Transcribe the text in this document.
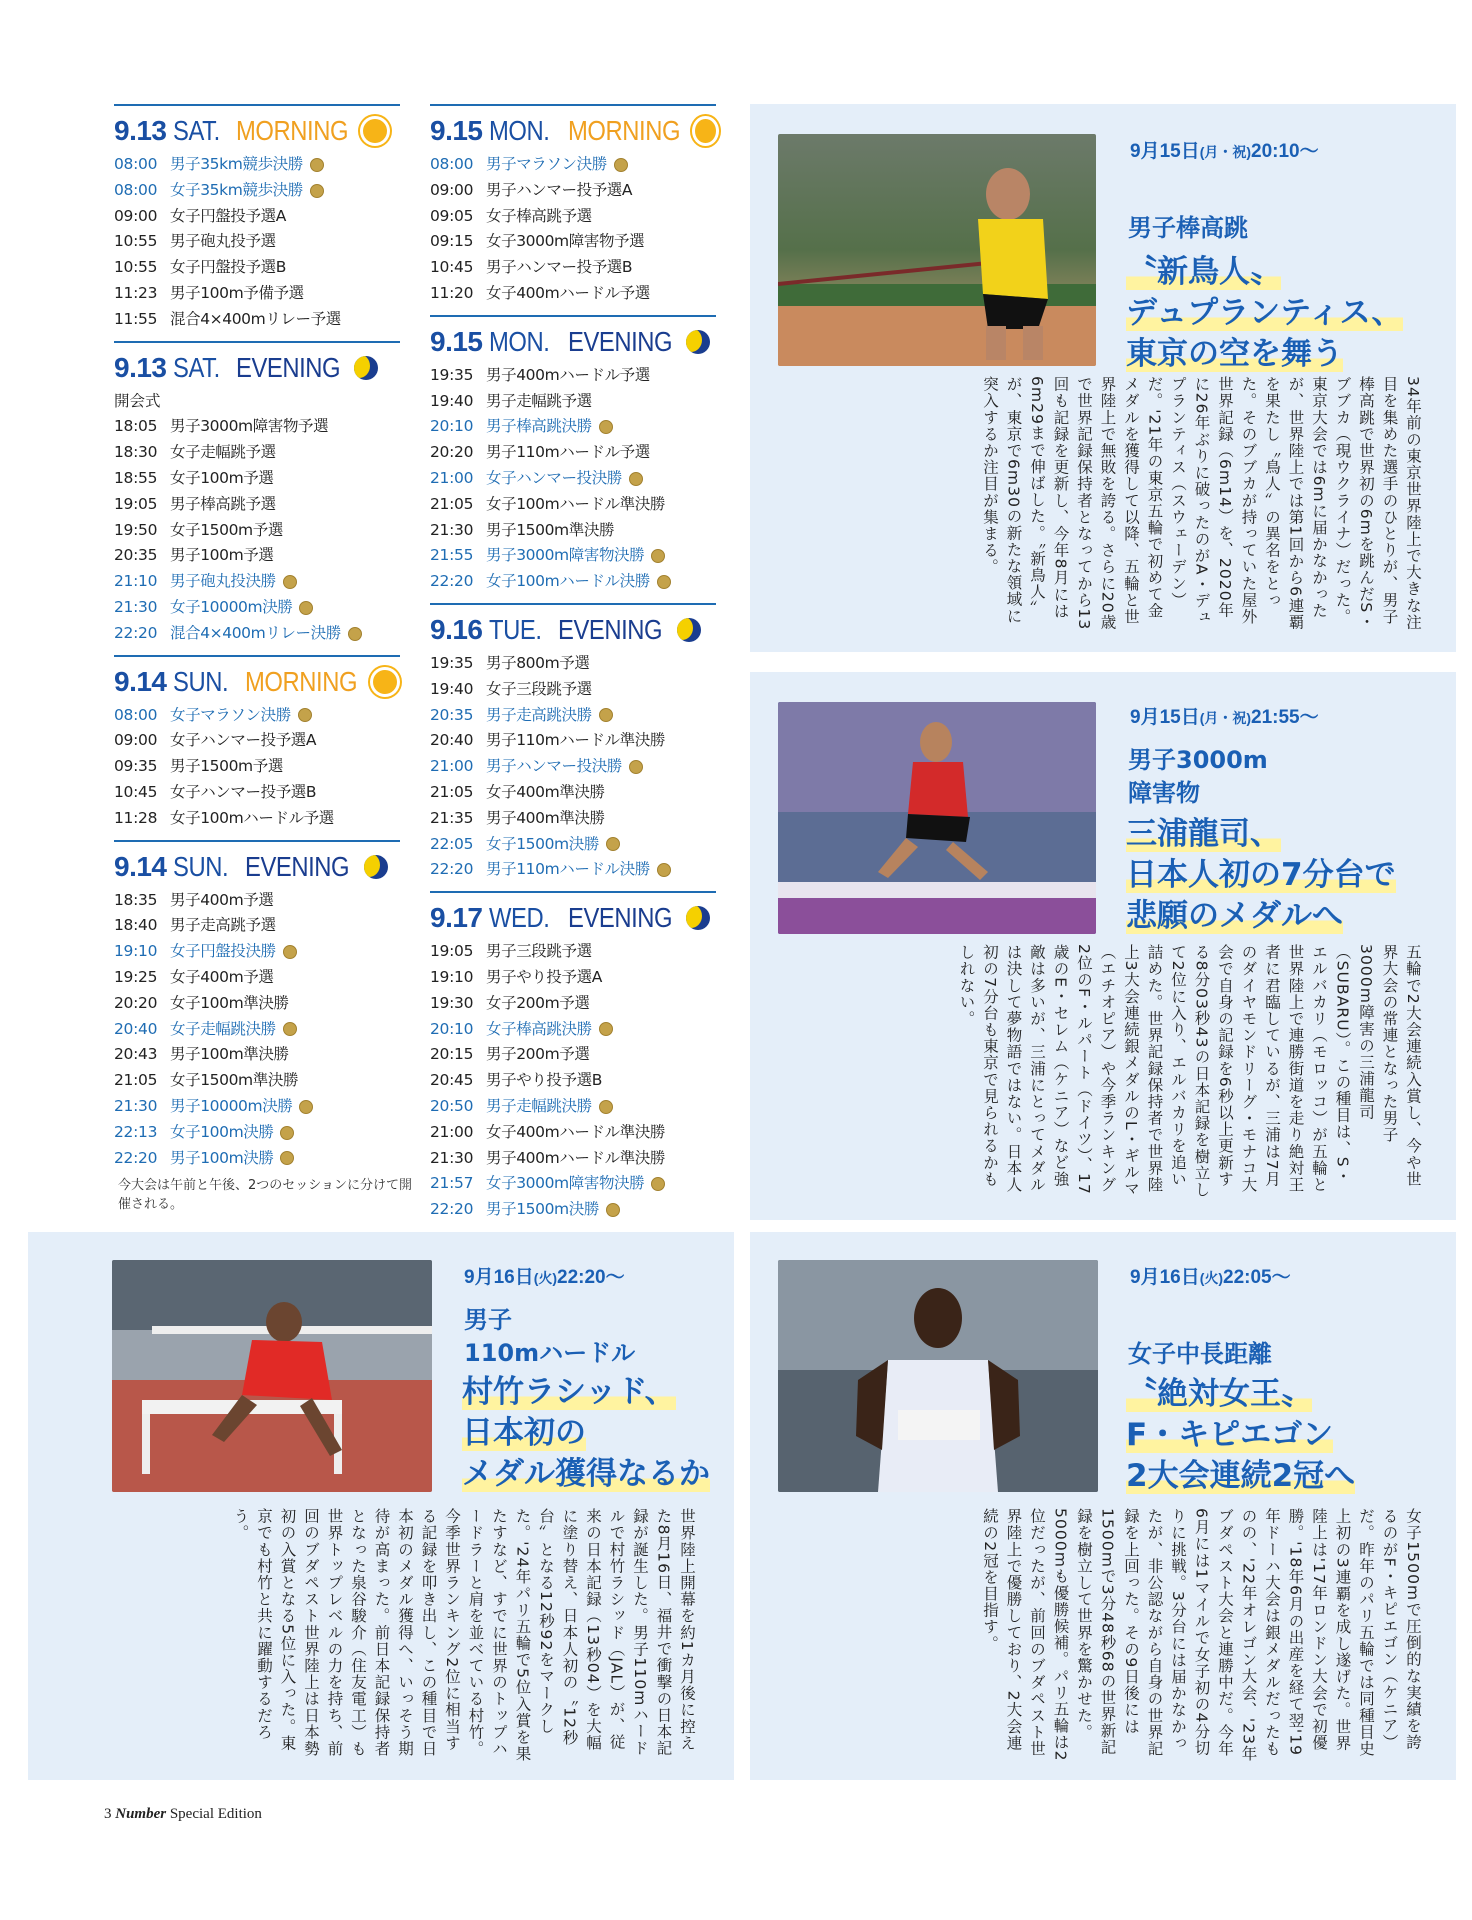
9.13 SAT. MORNING
08:00 男子35km競歩決勝
08:00 女子35km競歩決勝
09:00 女子円盤投予選A
10:55 男子砲丸投予選
10:55 女子円盤投予選B
11:23 男子100m予備予選
11:55 混合4×400mリレー予選
9.13 SAT. EVENING
開会式
18:05 男子3000m障害物予選
18:30 女子走幅跳予選
18:55 女子100m予選
19:05 男子棒高跳予選
19:50 女子1500m予選
20:35 男子100m予選
21:10 男子砲丸投決勝
21:30 女子10000m決勝
22:20 混合4×400mリレー決勝
9.14 SUN. MORNING
08:00 女子マラソン決勝
09:00 女子ハンマー投予選A
09:35 男子1500m予選
10:45 女子ハンマー投予選B
11:28 女子100mハードル予選
9.14 SUN. EVENING
18:35 男子400m予選
18:40 男子走高跳予選
19:10 女子円盤投決勝
19:25 女子400m予選
20:20 女子100m準決勝
20:40 女子走幅跳決勝
20:43 男子100m準決勝
21:05 女子1500m準決勝
21:30 男子10000m決勝
22:13 女子100m決勝
22:20 男子100m決勝
9.15 MON. MORNING
08:00 男子マラソン決勝
09:00 男子ハンマー投予選A
09:05 女子棒高跳予選
09:15 女子3000m障害物予選
10:45 男子ハンマー投予選B
11:20 女子400mハードル予選
9.15 MON. EVENING
19:35 男子400mハードル予選
19:40 男子走幅跳予選
20:10 男子棒高跳決勝
20:20 男子110mハードル予選
21:00 女子ハンマー投決勝
21:05 女子100mハードル準決勝
21:30 男子1500m準決勝
21:55 男子3000m障害物決勝
22:20 女子100mハードル決勝
9.16 TUE. EVENING
19:35 男子800m予選
19:40 女子三段跳予選
20:35 男子走高跳決勝
20:40 男子110mハードル準決勝
21:00 男子ハンマー投決勝
21:05 女子400m準決勝
21:35 男子400m準決勝
22:05 女子1500m決勝
22:20 男子110mハードル決勝
9.17 WED. EVENING
19:05 男子三段跳予選
19:10 男子やり投予選A
19:30 女子200m予選
20:10 女子棒高跳決勝
20:15 男子200m予選
20:45 男子やり投予選B
20:50 男子走幅跳決勝
21:00 女子400mハードル準決勝
21:30 男子400mハードル準決勝
21:57 女子3000m障害物決勝
22:20 男子1500m決勝
今大会は午前と午後、2つのセッションに分けて開催される。
9月15日(月・祝)20:10〜
男子棒高跳
〝新鳥人〟
デュプランティス、
東京の空を舞う
34年前の東京世界陸上で大きな注目を集めた選手のひとりが、男子棒高跳で世界初の6mを跳んだS・ブブカ（現ウクライナ）だった。東京大会では6mに届かなかったが、世界陸上では第1回から6連覇を果たし〝鳥人〟の異名をとった。そのブブカが持っていた屋外世界記録（6m14）を、2020年に26年ぶりに破ったのがA・デュプランティス（スウェーデン）だ。'21年の東京五輪で初めて金メダルを獲得して以降、五輪と世界陸上で無敗を誇る。さらに20歳で世界記録保持者となってから13回も記録を更新し、今年8月には6m29まで伸ばした。〝新鳥人〟が、東京で6m30の新たな領域に突入するか注目が集まる。
9月15日(月・祝)21:55〜
男子3000m
障害物
三浦龍司、
日本人初の7分台で
悲願のメダルへ
五輪で2大会連続入賞し、今や世界大会の常連となった男子3000m障害の三浦龍司（SUBARU）。この種目は、S・エルバカリ（モロッコ）が五輪と世界陸上で連勝街道を走り絶対王者に君臨しているが、三浦は7月のダイヤモンドリーグ・モナコ大会で自身の記録を6秒以上更新する8分03秒43の日本記録を樹立して2位に入り、エルバカリを追い詰めた。世界記録保持者で世界陸上3大会連続銀メダルのL・ギルマ（エチオピア）や今季ランキング2位のF・ルパート（ドイツ）、17歳のE・セレム（ケニア）など強敵は多いが、三浦にとってメダルは決して夢物語ではない。日本人初の7分台も東京で見られるかもしれない。
9月16日(火)22:20〜
男子
110mハードル
村竹ラシッド、
日本初の
メダル獲得なるか
世界陸上開幕を約1カ月後に控えた8月16日、福井で衝撃の日本記録が誕生した。男子110mハードルで村竹ラシッド（JAL）が、従来の日本記録（13秒04）を大幅に塗り替え、日本人初の〝12秒台〟となる12秒92をマークした。'24年パリ五輪で5位入賞を果たすなど、すでに世界のトップハードラーと肩を並べている村竹。今季世界ランキング2位に相当する記録を叩き出し、この種目で日本初のメダル獲得へ、いっそう期待が高まった。前日本記録保持者となった泉谷駿介（住友電工）も世界トップレベルの力を持ち、前回のブダペスト世界陸上は日本勢初の入賞となる5位に入った。東京でも村竹と共に躍動するだろう。
9月16日(火)22:05〜
女子中長距離
〝絶対女王〟
F・キピエゴン
2大会連続2冠へ
女子1500mで圧倒的な実績を誇るのがF・キピエゴン（ケニア）だ。昨年のパリ五輪では同種目史上初の3連覇を成し遂げた。世界陸上は'17年ロンドン大会で初優勝。'18年6月の出産を経て翌'19年ドーハ大会は銀メダルだったものの、'22年オレゴン大会、'23年ブダペスト大会と連勝中だ。今年6月には1マイルで女子初の4分切りに挑戦。3分台には届かなかったが、非公認ながら自身の世界記録を上回った。その9日後には1500mで3分48秒68の世界新記録を樹立して世界を驚かせた。5000mも優勝候補。パリ五輪は2位だったが、前回のブダペスト世界陸上で優勝しており、2大会連続の2冠を目指す。
3 Number Special Edition
